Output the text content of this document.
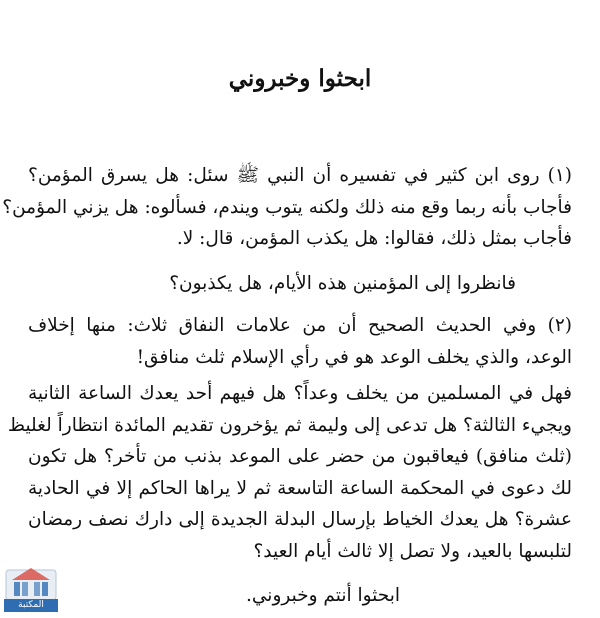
ابحثوا وخبروني
(١) روى ابن كثير في تفسيره أن النبي ﷺ سئل: هل يسرق المؤمن؟
فأجاب بأنه ربما وقع منه ذلك ولكنه يتوب ويندم، فسألوه: هل يزني المؤمن؟
فأجاب بمثل ذلك، فقالوا: هل يكذب المؤمن، قال: لا.
فانظروا إلى المؤمنين هذه الأيام، هل يكذبون؟
(٢) وفي الحديث الصحيح أن من علامات النفاق ثلاث: منها إخلاف
الوعد، والذي يخلف الوعد هو في رأي الإسلام ثلث منافق!
فهل في المسلمين من يخلف وعداً؟ هل فيهم أحد يعدك الساعة الثانية
ويجيء الثالثة؟ هل تدعى إلى وليمة ثم يؤخرون تقديم المائدة انتظاراً لغليظ
(ثلث منافق) فيعاقبون من حضر على الموعد بذنب من تأخر؟ هل تكون
لك دعوى في المحكمة الساعة التاسعة ثم لا يراها الحاكم إلا في الحادية
عشرة؟ هل يعدك الخياط بإرسال البدلة الجديدة إلى دارك نصف رمضان
لتلبسها بالعيد، ولا تصل إلا ثالث أيام العيد؟
ابحثوا أنتم وخبروني.
المكتبة
